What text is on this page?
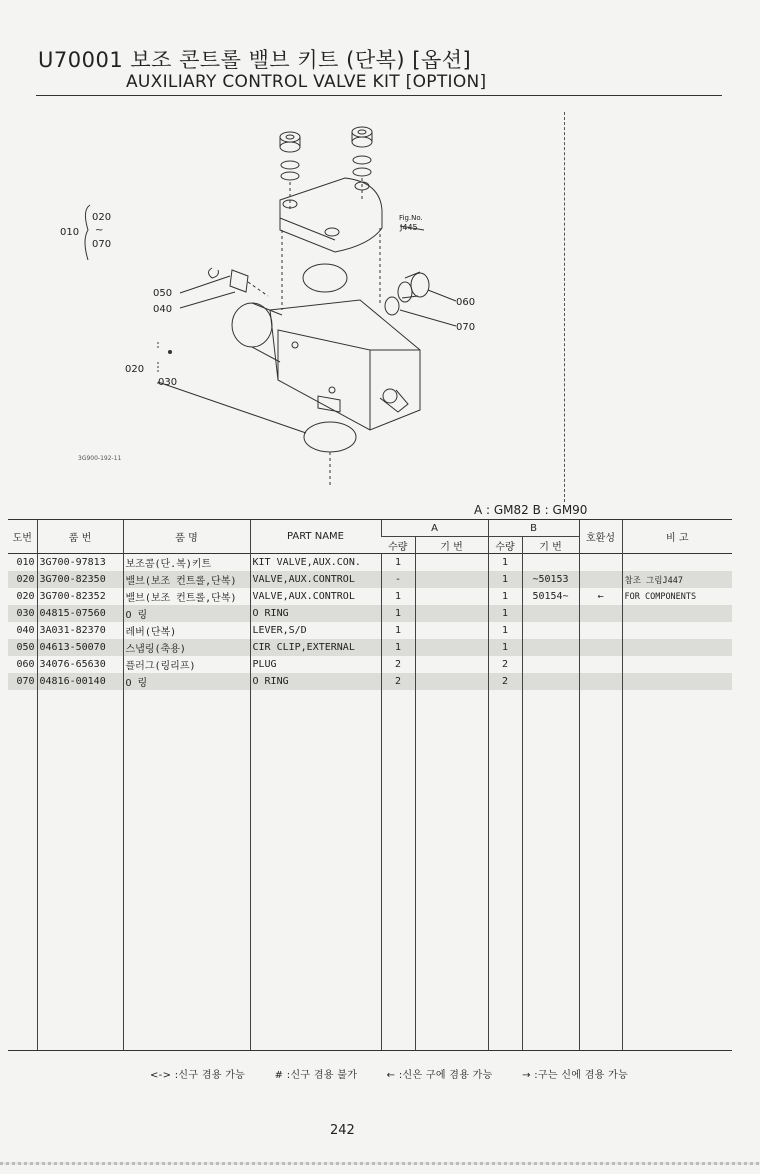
U70001 보조 콘트롤 밸브 키트 (단복) [옵션]
AUXILIARY CONTROL VALVE KIT [OPTION]
Fig.No.
J445
020
010 ~
070
050
040
020
030
060
070
3G900-192-11
A : GM82 B : GM90
도번	품 번	품 명	PART NAME	A		B		호환성	비 고
				수량	기 번	수량	기 번		
010	3G700-97813	보조콤(단.복)키트	KIT VALVE,AUX.CON.	1		1			
020	3G700-82350	밸브(보조 컨트롤,단복)	VALVE,AUX.CONTROL	-		1	~50153		참조 그림J447
020	3G700-82352	밸브(보조 컨트롤,단복)	VALVE,AUX.CONTROL	1		1	50154~	←	FOR COMPONENTS
030	04815-07560	O 링	O RING	1		1			
040	3A031-82370	레버(단복)	LEVER,S/D	1		1			
050	04613-50070	스냅링(축용)	CIR CLIP,EXTERNAL	1		1			
060	34076-65630	플러그(링리프)	PLUG	2		2			
070	04816-00140	O 링	O RING	2		2			

<-> :신구 겸용 가능	# :신구 겸용 불가	← :신은 구에 겸용 가능	→ :구는 신에 겸용 가능
242
